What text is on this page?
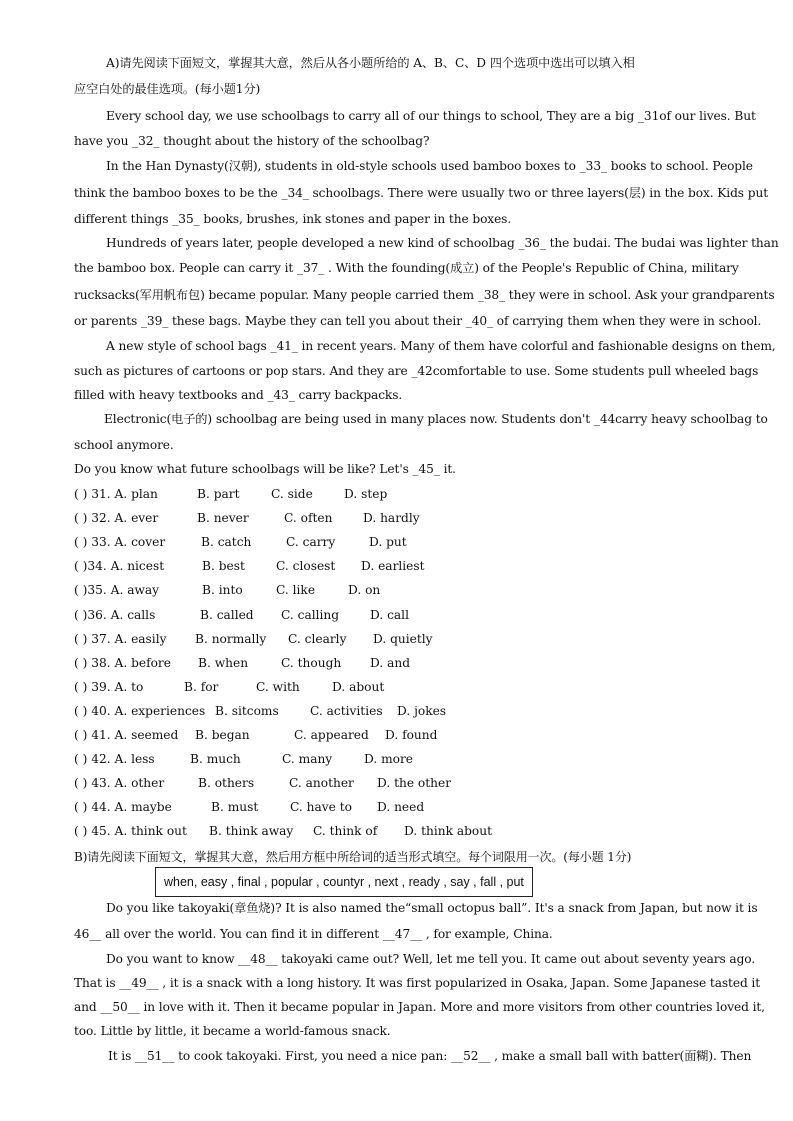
A)请先阅读下面短文，掌握其大意，然后从各小题所给的 A、B、C、D 四个选项中选出可以填入相
应空白处的最佳选项。(每小题1分)
Every school day, we use schoolbags to carry all of our things to school, They are a big _31of our lives. But
have you _32_ thought about the history of the schoolbag?
In the Han Dynasty(汉朝), students in old-style schools used bamboo boxes to _33_ books to school. People
think the bamboo boxes to be the _34_ schoolbags. There were usually two or three layers(层) in the box. Kids put
different things _35_ books, brushes, ink stones and paper in the boxes.
Hundreds of years later, people developed a new kind of schoolbag _36_ the budai. The budai was lighter than
the bamboo box. People can carry it _37_ . With the founding(成立) of the People's Republic of China, military
rucksacks(军用帆布包) became popular. Many people carried them _38_ they were in school. Ask your grandparents
or parents _39_ these bags. Maybe they can tell you about their _40_ of carrying them when they were in school.
A new style of school bags _41_ in recent years. Many of them have colorful and fashionable designs on them,
such as pictures of cartoons or pop stars. And they are _42comfortable to use. Some students pull wheeled bags
filled with heavy textbooks and _43_ carry backpacks.
Electronic(电子的) schoolbag are being used in many places now. Students don't _44carry heavy schoolbag to
school anymore.
Do you know what future schoolbags will be like? Let's _45_ it.
( ) 31. A. plan	B. part	C. side	D. step
( ) 32. A. ever	B. never	C. often	D. hardly
( ) 33. A. cover	B. catch	C. carry	D. put
( )34. A. nicest	B. best	C. closest D. earliest
( )35. A. away	B. into	C. like	D. on
( )36. A. calls	B. called C. calling	D. call
( ) 37. A. easily B. normally C. clearly D. quietly
( ) 38. A. before B. when	C. though D. and
( ) 39. A. to	B. for	C. with	D. about
( ) 40. A. experiences B. sitcoms	C. activities D. jokes
( ) 41. A. seemed B. began	C. appeared D. found
( ) 42. A. less	B. much	C. many	D. more
( ) 43. A. other	B. others	C. another D. the other
( ) 44. A. maybe	B. must	C. have to D. need
( ) 45. A. think out B. think away C. think of D. think about
B)请先阅读下面短文，掌握其大意，然后用方框中所给词的适当形式填空。每个词限用一次。(每小题 1分)
when, easy , final , popular , countyr , next , ready , say , fall , put
Do you like takoyaki(章鱼烧)? It is also named the“small octopus ball”. It's a snack from Japan, but now it is
46__ all over the world. You can find it in different __47__ , for example, China.
Do you want to know __48__ takoyaki came out? Well, let me tell you. It came out about seventy years ago.
That is __49__ , it is a snack with a long history. It was first popularized in Osaka, Japan. Some Japanese tasted it
and __50__ in love with it. Then it became popular in Japan. More and more visitors from other countries loved it,
too. Little by little, it became a world-famous snack.
It is __51__ to cook takoyaki. First, you need a nice pan: __52__ , make a small ball with batter(面糊). Then
